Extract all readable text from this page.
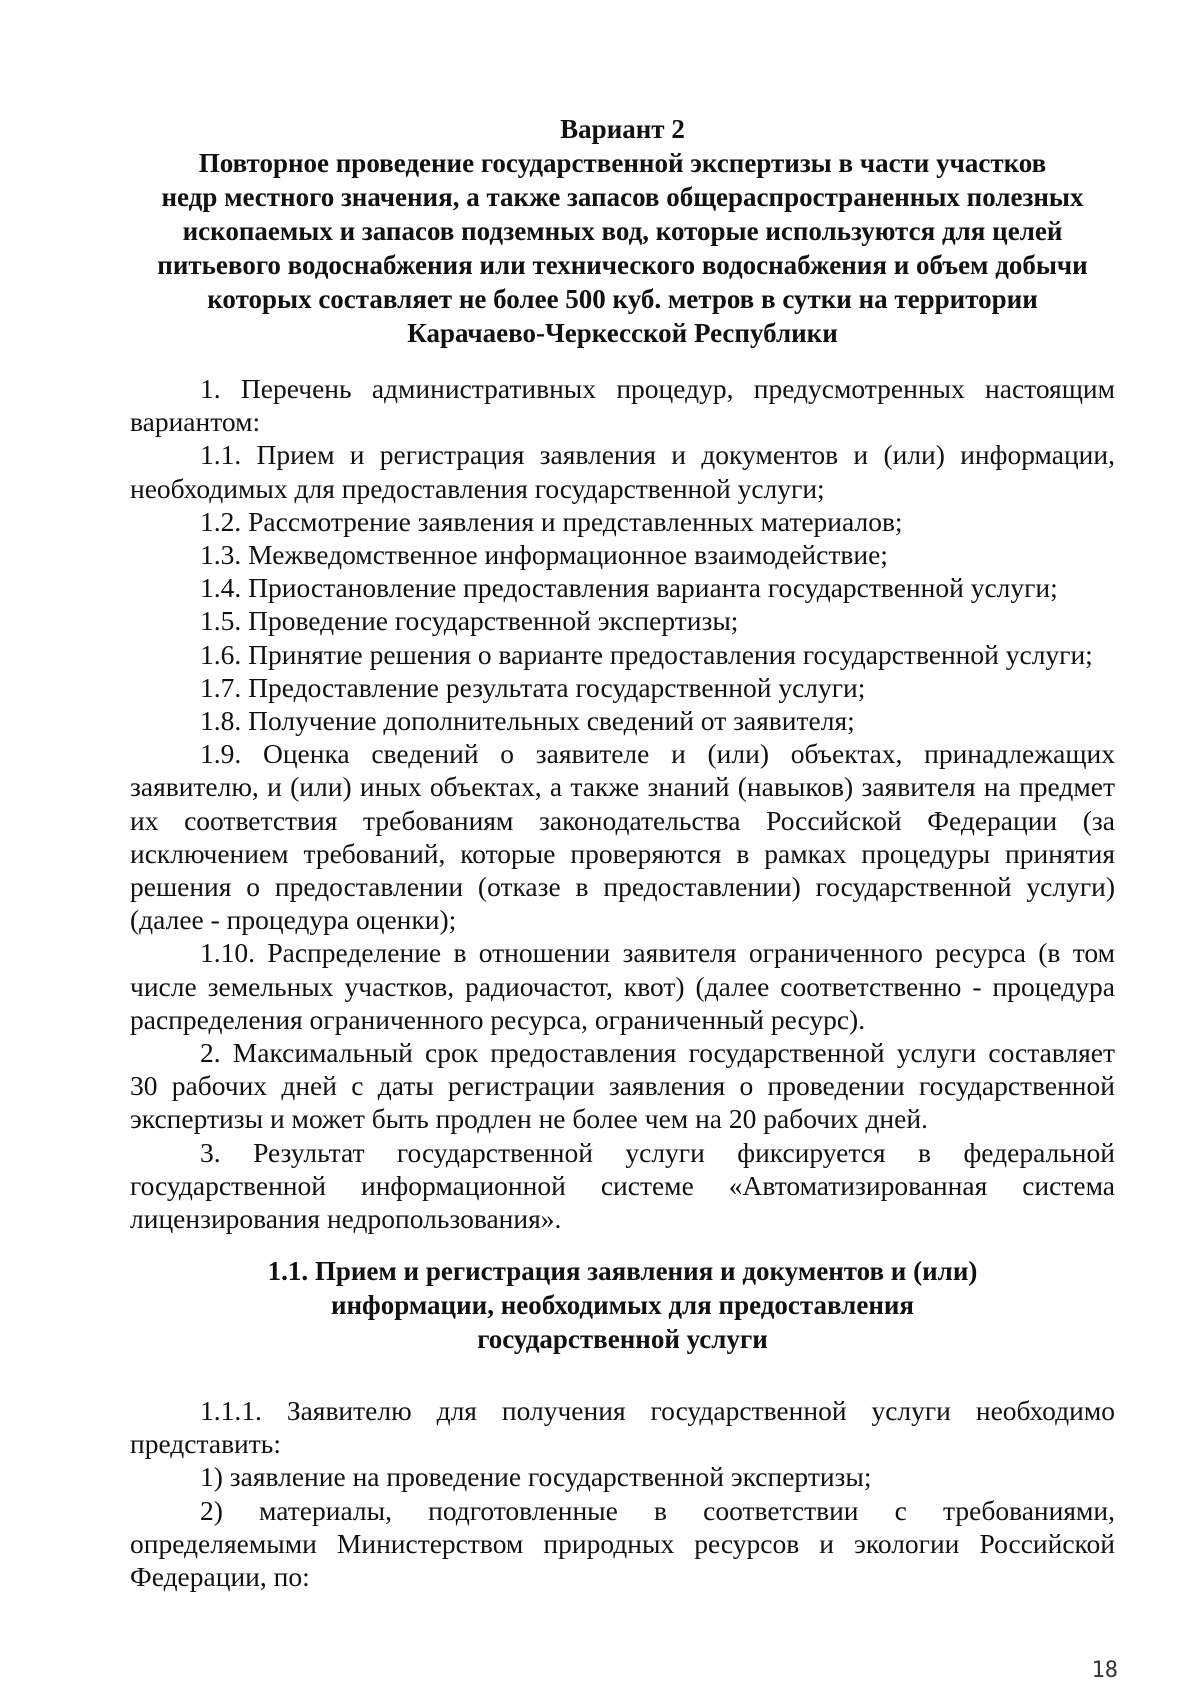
Вариант 2
Повторное проведение государственной экспертизы в части участков
недр местного значения, а также запасов общераспространенных полезных
ископаемых и запасов подземных вод, которые используются для целей
питьевого водоснабжения или технического водоснабжения и объем добычи
которых составляет не более 500 куб. метров в сутки на территории
Карачаево-Черкесской Республики

1. Перечень административных процедур, предусмотренных настоящим вариантом:

1.1. Прием и регистрация заявления и документов и (или) информации, необходимых для предоставления государственной услуги;

1.2. Рассмотрение заявления и представленных материалов;

1.3. Межведомственное информационное взаимодействие;

1.4. Приостановление предоставления варианта государственной услуги;

1.5. Проведение государственной экспертизы;

1.6. Принятие решения о варианте предоставления государственной услуги;

1.7. Предоставление результата государственной услуги;

1.8. Получение дополнительных сведений от заявителя;

1.9. Оценка сведений о заявителе и (или) объектах, принадлежащих заявителю, и (или) иных объектах, а также знаний (навыков) заявителя на предмет их соответствия требованиям законодательства Российской Федерации (за исключением требований, которые проверяются в рамках процедуры принятия решения о предоставлении (отказе в предоставлении) государственной услуги) (далее - процедура оценки);

1.10. Распределение в отношении заявителя ограниченного ресурса (в том числе земельных участков, радиочастот, квот) (далее соответственно - процедура распределения ограниченного ресурса, ограниченный ресурс).

2. Максимальный срок предоставления государственной услуги составляет 30 рабочих дней с даты регистрации заявления о проведении государственной экспертизы и может быть продлен не более чем на 20 рабочих дней.

3. Результат государственной услуги фиксируется в федеральной государственной информационной системе «Автоматизированная система лицензирования недропользования».

1.1. Прием и регистрация заявления и документов и (или)
информации, необходимых для предоставления
государственной услуги

1.1.1. Заявителю для получения государственной услуги необходимо представить:

1) заявление на проведение государственной экспертизы;

2) материалы, подготовленные в соответствии с требованиями, определяемыми Министерством природных ресурсов и экологии Российской Федерации, по:

18
